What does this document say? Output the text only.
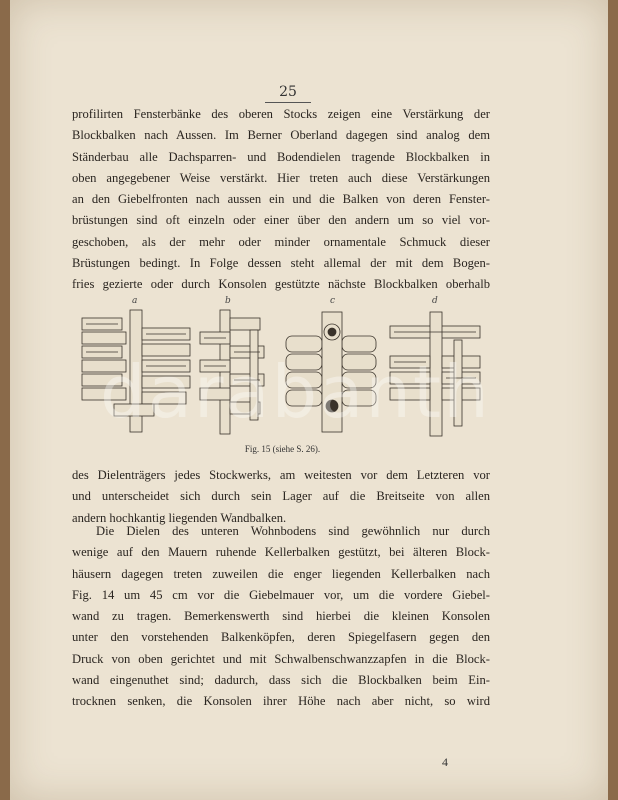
25
profilirten Fensterbänke des oberen Stocks zeigen eine Verstärkung der
Blockbalken nach Aussen. Im Berner Oberland dagegen sind analog dem
Ständerbau alle Dachsparren- und Bodendielen tragende Blockbalken in
oben angegebener Weise verstärkt. Hier treten auch diese Verstärkungen
an den Giebelfronten nach aussen ein und die Balken von deren Fenster-
brüstungen sind oft einzeln oder einer über den andern um so viel vor-
geschoben, als der mehr oder minder ornamentale Schmuck dieser
Brüstungen bedingt. In Folge dessen steht allemal der mit dem Bogen-
fries gezierte oder durch Konsolen gestützte nächste Blockbalken oberhalb
a	b	c	d
Fig. 15 (siehe S. 26).
des Dielenträgers jedes Stockwerks, am weitesten vor dem Letzteren vor
und unterscheidet sich durch sein Lager auf die Breitseite von allen
andern hochkantig liegenden Wandbalken.
Die Dielen des unteren Wohnbodens sind gewöhnlich nur durch
wenige auf den Mauern ruhende Kellerbalken gestützt, bei älteren Block-
häusern dagegen treten zuweilen die enger liegenden Kellerbalken nach
Fig. 14 um 45 cm vor die Giebelmauer vor, um die vordere Giebel-
wand zu tragen. Bemerkenswerth sind hierbei die kleinen Konsolen
unter den vorstehenden Balkenköpfen, deren Spiegelfasern gegen den
Druck von oben gerichtet und mit Schwalbenschwanzzapfen in die Block-
wand eingenuthet sind; dadurch, dass sich die Blockbalken beim Ein-
trocknen senken, die Konsolen ihrer Höhe nach aber nicht, so wird
4
darabanth
